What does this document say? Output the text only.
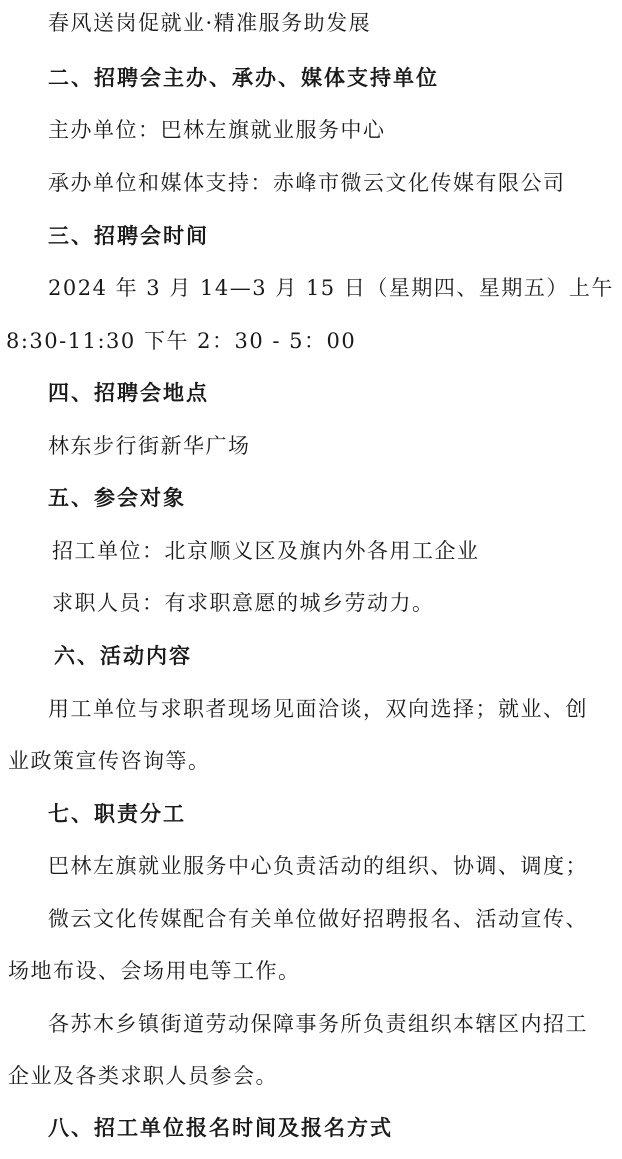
春风送岗促就业·精准服务助发展
二、招聘会主办、承办、媒体支持单位
主办单位：巴林左旗就业服务中心
承办单位和媒体支持：赤峰市微云文化传媒有限公司
三、招聘会时间
2024 年 3 月 14—3 月 15 日（星期四、星期五）上午
8:30-11:30 下午 2：30 - 5：00
四、招聘会地点
林东步行街新华广场
五、参会对象
招工单位：北京顺义区及旗内外各用工企业
求职人员：有求职意愿的城乡劳动力。
六、活动内容
用工单位与求职者现场见面洽谈，双向选择；就业、创
业政策宣传咨询等。
七、职责分工
巴林左旗就业服务中心负责活动的组织、协调、调度；
微云文化传媒配合有关单位做好招聘报名、活动宣传、
场地布设、会场用电等工作。
各苏木乡镇街道劳动保障事务所负责组织本辖区内招工
企业及各类求职人员参会。
八、招工单位报名时间及报名方式
